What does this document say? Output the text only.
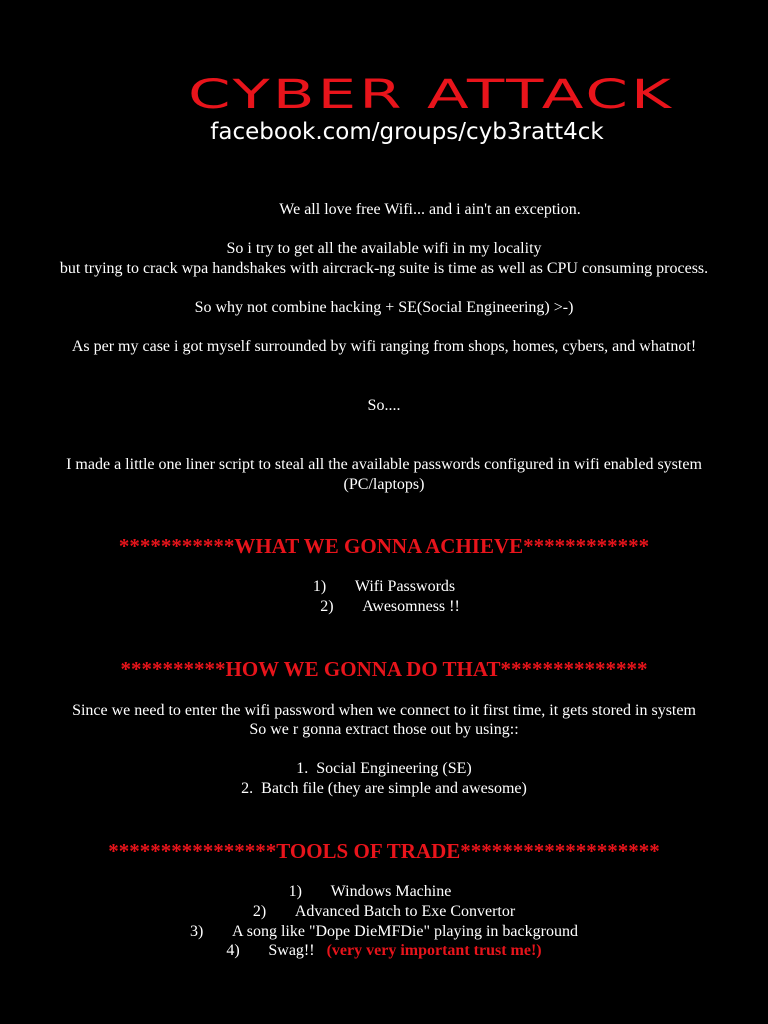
CYBER ATTACK
facebook.com/groups/cyb3ratt4ck
We all love free Wifi... and i ain't an exception.
So i try to get all the available wifi in my locality
but trying to crack wpa handshakes with aircrack-ng suite is time as well as CPU consuming process.
So why not combine hacking + SE(Social Engineering) >-)
As per my case i got myself surrounded by wifi ranging from shops, homes, cybers, and whatnot!
So....
I made a little one liner script to steal all the available passwords configured in wifi enabled system
(PC/laptops)
***********WHAT WE GONNA ACHIEVE************
1) Wifi Passwords
2) Awesomness !!
**********HOW WE GONNA DO THAT**************
Since we need to enter the wifi password when we connect to it first time, it gets stored in system
So we r gonna extract those out by using::
1. Social Engineering (SE)
2. Batch file (they are simple and awesome)
****************TOOLS OF TRADE*******************
1) Windows Machine
2) Advanced Batch to Exe Convertor
3) A song like "Dope DieMFDie" playing in background
4) Swag!! (very very important trust me!)
